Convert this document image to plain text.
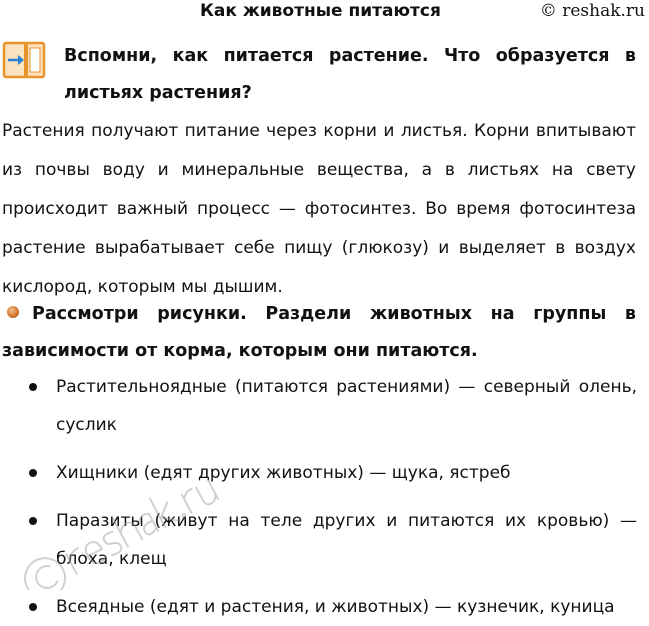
Как животные питаются	© reshak.ru
Вспомни, как питается растение. Что образуется в листьях растения?
Растения получают питание через корни и листья. Корни впитывают из почвы воду и минеральные вещества, а в листьях на свету происходит важный процесс — фотосинтез. Во время фотосинтеза растение вырабатывает себе пищу (глюкозу) и выделяет в воздух кислород, которым мы дышим.
Рассмотри рисунки. Раздели животных на группы в зависимости от корма, которым они питаются.
Растительноядные (питаются растениями) — северный олень, суслик
Хищники (едят других животных) — щука, ястреб
Паразиты (живут на теле других и питаются их кровью) — блоха, клещ
Всеядные (едят и растения, и животных) — кузнечик, куница
